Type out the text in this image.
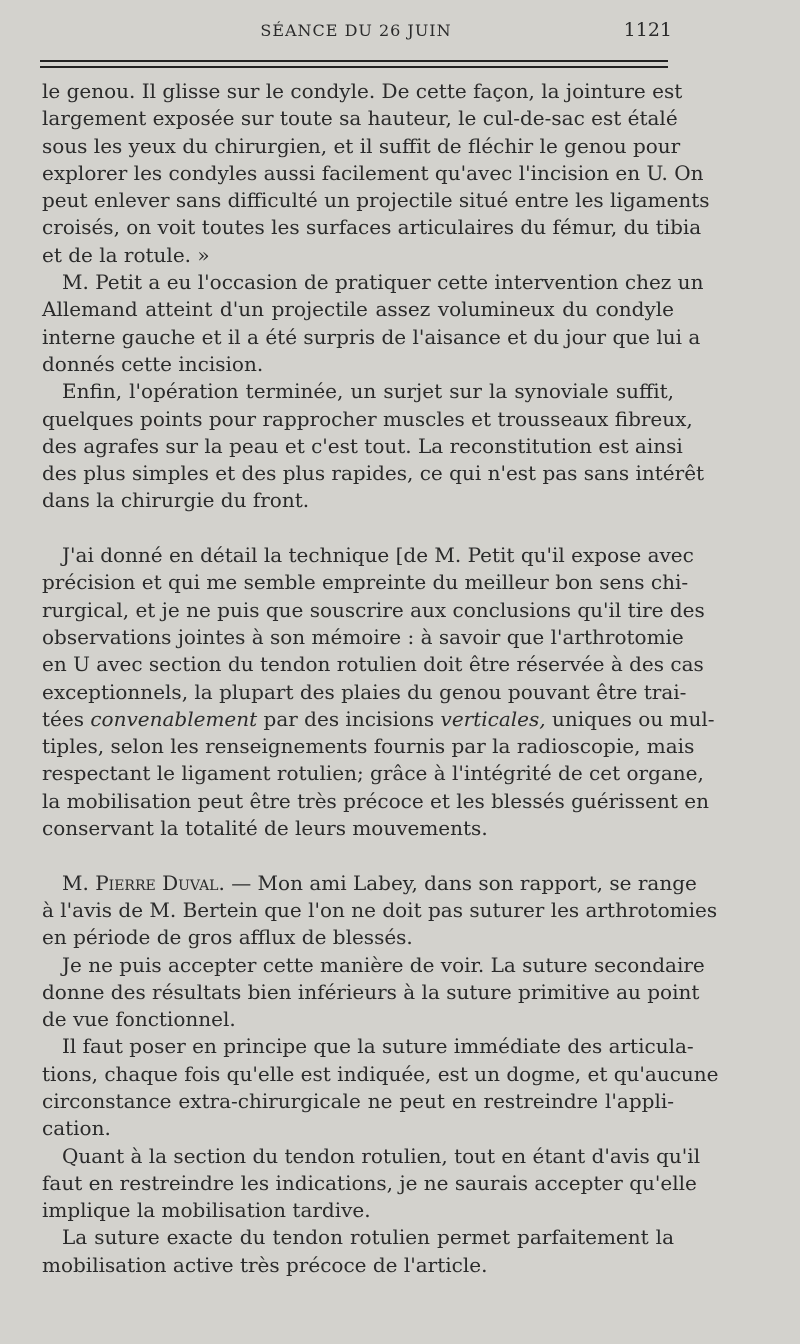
SÉANCE DU 26 JUIN	1121
le genou. Il glisse sur le condyle. De cette façon, la jointure est
largement exposée sur toute sa hauteur, le cul-de-sac est étalé
sous les yeux du chirurgien, et il suffit de fléchir le genou pour
explorer les condyles aussi facilement qu'avec l'incision en U. On
peut enlever sans difficulté un projectile situé entre les ligaments
croisés, on voit toutes les surfaces articulaires du fémur, du tibia
et de la rotule. »
M. Petit a eu l'occasion de pratiquer cette intervention chez un
Allemand atteint d'un projectile assez volumineux du condyle
interne gauche et il a été surpris de l'aisance et du jour que lui a
donnés cette incision.
Enfin, l'opération terminée, un surjet sur la synoviale suffit,
quelques points pour rapprocher muscles et trousseaux fibreux,
des agrafes sur la peau et c'est tout. La reconstitution est ainsi
des plus simples et des plus rapides, ce qui n'est pas sans intérêt
dans la chirurgie du front.
J'ai donné en détail la technique [de M. Petit qu'il expose avec
précision et qui me semble empreinte du meilleur bon sens chi-
rurgical, et je ne puis que souscrire aux conclusions qu'il tire des
observations jointes à son mémoire : à savoir que l'arthrotomie
en U avec section du tendon rotulien doit être réservée à des cas
exceptionnels, la plupart des plaies du genou pouvant être trai-
tées convenablement par des incisions verticales, uniques ou mul-
tiples, selon les renseignements fournis par la radioscopie, mais
respectant le ligament rotulien; grâce à l'intégrité de cet organe,
la mobilisation peut être très précoce et les blessés guérissent en
conservant la totalité de leurs mouvements.
M. Pierre Duval. — Mon ami Labey, dans son rapport, se range
à l'avis de M. Bertein que l'on ne doit pas suturer les arthrotomies
en période de gros afflux de blessés.
Je ne puis accepter cette manière de voir. La suture secondaire
donne des résultats bien inférieurs à la suture primitive au point
de vue fonctionnel.
Il faut poser en principe que la suture immédiate des articula-
tions, chaque fois qu'elle est indiquée, est un dogme, et qu'aucune
circonstance extra-chirurgicale ne peut en restreindre l'appli-
cation.
Quant à la section du tendon rotulien, tout en étant d'avis qu'il
faut en restreindre les indications, je ne saurais accepter qu'elle
implique la mobilisation tardive.
La suture exacte du tendon rotulien permet parfaitement la
mobilisation active très précoce de l'article.
